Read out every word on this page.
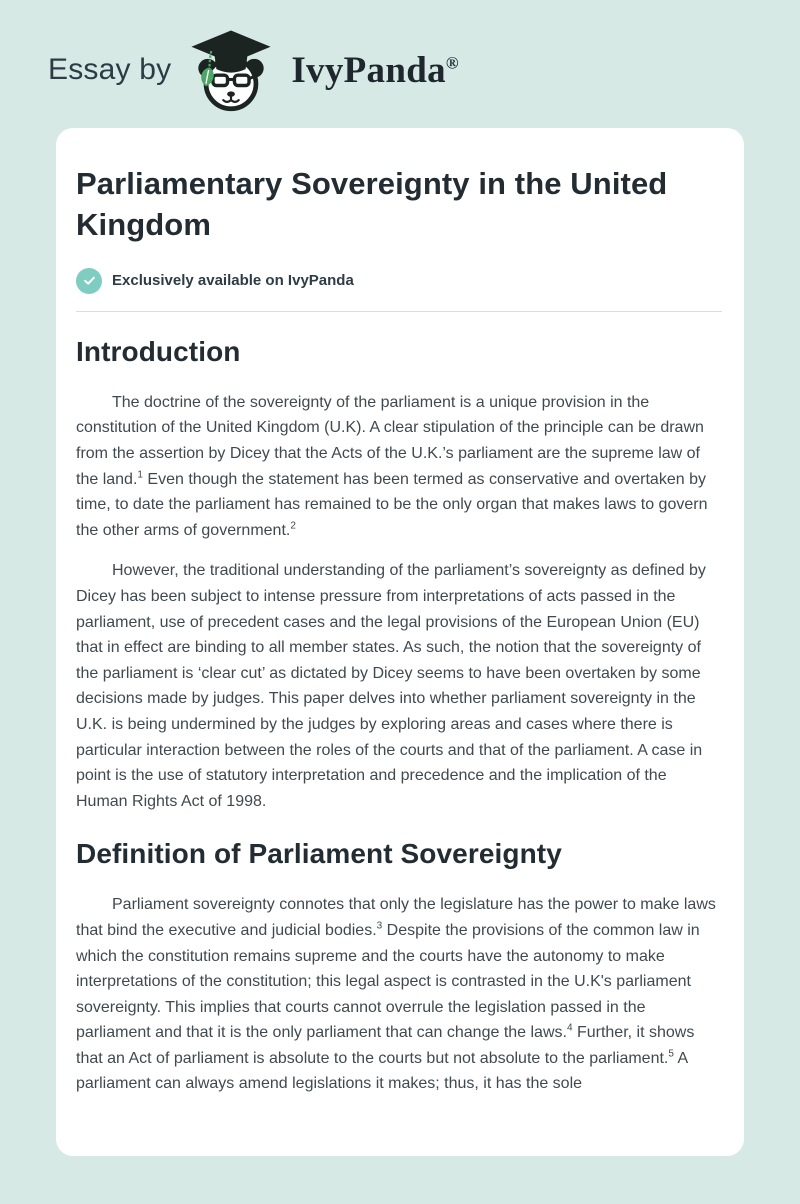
Essay by	IvyPanda®
Parliamentary Sovereignty in the United Kingdom
Exclusively available on IvyPanda
Introduction

The doctrine of the sovereignty of the parliament is a unique provision in the constitution of the United Kingdom (U.K). A clear stipulation of the principle can be drawn from the assertion by Dicey that the Acts of the U.K.’s parliament are the supreme law of the land.$^1$ Even though the statement has been termed as conservative and overtaken by time, to date the parliament has remained to be the only organ that makes laws to govern the other arms of government.$^2$

However, the traditional understanding of the parliament’s sovereignty as defined by Dicey has been subject to intense pressure from interpretations of acts passed in the parliament, use of precedent cases and the legal provisions of the European Union (EU) that in effect are binding to all member states. As such, the notion that the sovereignty of the parliament is ‘clear cut’ as dictated by Dicey seems to have been overtaken by some decisions made by judges. This paper delves into whether parliament sovereignty in the U.K. is being undermined by the judges by exploring areas and cases where there is particular interaction between the roles of the courts and that of the parliament. A case in point is the use of statutory interpretation and precedence and the implication of the Human Rights Act of 1998.

Definition of Parliament Sovereignty

Parliament sovereignty connotes that only the legislature has the power to make laws that bind the executive and judicial bodies.$^3$ Despite the provisions of the common law in which the constitution remains supreme and the courts have the autonomy to make interpretations of the constitution; this legal aspect is contrasted in the U.K's parliament sovereignty. This implies that courts cannot overrule the legislation passed in the parliament and that it is the only parliament that can change the laws.$^4$ Further, it shows that an Act of parliament is absolute to the courts but not absolute to the parliament.$^5$ A parliament can always amend legislations it makes; thus, it has the sole
